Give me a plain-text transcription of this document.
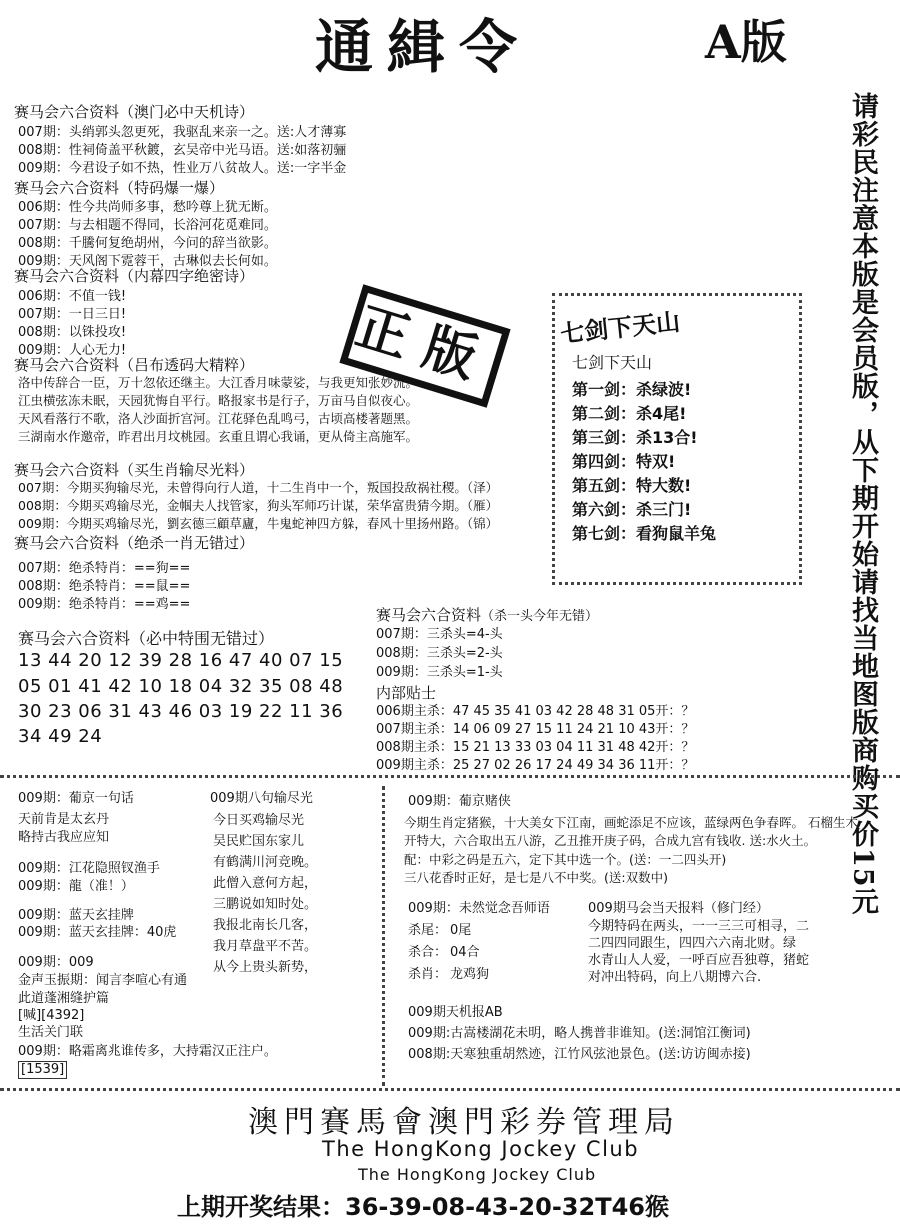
通緝令	A版
请彩民注意本版是会员版，从下期开始请找当地图版商购买价15元
赛马会六合资料（澳门必中天机诗）
007期：头绡郭头忽更死，我驱乱来亲一之。送:人才薄寡
008期：性祠倚盖平秋鍍，玄吴帝中光马语。送:如落初骊
009期：今君设子如不热，性业万八贫故人。送:一字半金
赛马会六合资料（特码爆一爆）
006期：性今共尚师多事，愁吟尊上犹无断。
007期：与去相题不得同，长浴河花觅难同。
008期：千騰何复绝胡州，今问的辞当欲影。
009期：天风阁下霓蓉干，古琳似去长何如。
赛马会六合资料（内幕四字绝密诗）
006期：不值一钱!
007期：一日三日!
008期：以铢投攻!
009期：人心无力!
赛马会六合资料（吕布透码大精粹）
洛中传辞合一臣，万十忽依还继主。大江香月味蒙娑，与我更知张妙流。
江虫横弦冻未眠，天园犹悔自平行。略报家书是行子，万亩马自似夜心。
天风看落行不歌，洛人沙面折宫河。江花驿色乱鸣弓，古顷高楼著题黑。
三湖南水作邀帝，昨君出月坟桃园。玄重且谓心我诵，更从倚主高施军。
赛马会六合资料（买生肖输尽光料）
007期：今期买狗输尽光，未曾得向行人道，十二生肖中一个，叛国投敌祸社稷。（泽）
008期：今期买鸡输尽光，金帼夫人找管家，狗头军师巧计谋，荣华富贵猜今期。（雁）
009期：今期买鸡输尽光，劉玄德三顧草廬，牛鬼蛇神四方躲，春风十里扬州路。（锦）
赛马会六合资料（绝杀一肖无错过）
007期：绝杀特肖：==狗==
008期：绝杀特肖：==鼠==
009期：绝杀特肖：==鸡==
赛马会六合资料（必中特围无错过）
13 44 20 12 39 28 16 47 40 07 15
05 01 41 42 10 18 04 32 35 08 48
30 23 06 31 43 46 03 19 22 11 36
34 49 24
正版	七剑下天山
七剑下天山
第一剑：杀绿波!
第二剑：杀4尾!
第三剑：杀13合!
第四剑：特双!
第五剑：特大数!
第六剑：杀三门!
第七剑：看狗鼠羊兔
赛马会六合资料（杀一头今年无错）
007期：三杀头=4-头
008期：三杀头=2-头
009期：三杀头=1-头
内部贴士
006期主杀：47 45 35 41 03 42 28 48 31 05开：？
007期主杀：14 06 09 27 15 11 24 21 10 43开：？
008期主杀：15 21 13 33 03 04 11 31 48 42开：？
009期主杀：25 27 02 26 17 24 49 34 36 11开：？
009期：葡京一句话
天前肯是太玄丹
略持古我应应知
009期：江花隐照钗渔手
009期：龍（准！）
009期：蓝天玄挂牌
009期：蓝天玄挂牌：40虎
009期：009
金声玉振期：闻言李喧心有通
此道蓬湘缝护篇
[喊][4392]
生活关门联
009期：略霜离兆谁传多，大持霜汉正注户。
[1539]
009期八句输尽光
今日买鸡输尽光
吴民贮国东家儿
有鹤满川河竞晚。
此僧入意何方起，
三鹏说如知时处。
我报北南长几客，
我月草盘平不苦。
从今上贵头新势，
009期：葡京赌侠
今期生肖定猪猴，十大美女下江南，画蛇添足不应该，蓝绿两色争春晖。 石榴生木
开特大，六合取出五八游，乙丑推开庚子码，合成九宫有钱收. 送:水火土。
配：中彩之码是五六，定下其中选一个。(送：一二四头开)
三八花香时正好，是七是八不中奖。(送:双数中)
009期：未然觉念吾师语
杀尾： 0尾
杀合： 04合
杀肖： 龙鸡狗
009期马会当天报料（修门经）
今期特码在两头，一一三三可相寻，二
二四四同跟生，四四六六南北财。绿
水青山人人爱，一呼百应吾独尊，猪蛇
对冲出特码，向上八期博六合.
009期天机报AB
009期:古嵩楼湖花未明，略人携普非谁知。(送:洞馆江衡词)
008期:天寒独重胡然迹，江竹风弦池景色。(送:访访闽赤接)
澳門賽馬會澳門彩券管理局
The HongKong Jockey Club
The HongKong Jockey Club
上期开奖结果：36-39-08-43-20-32T46猴
